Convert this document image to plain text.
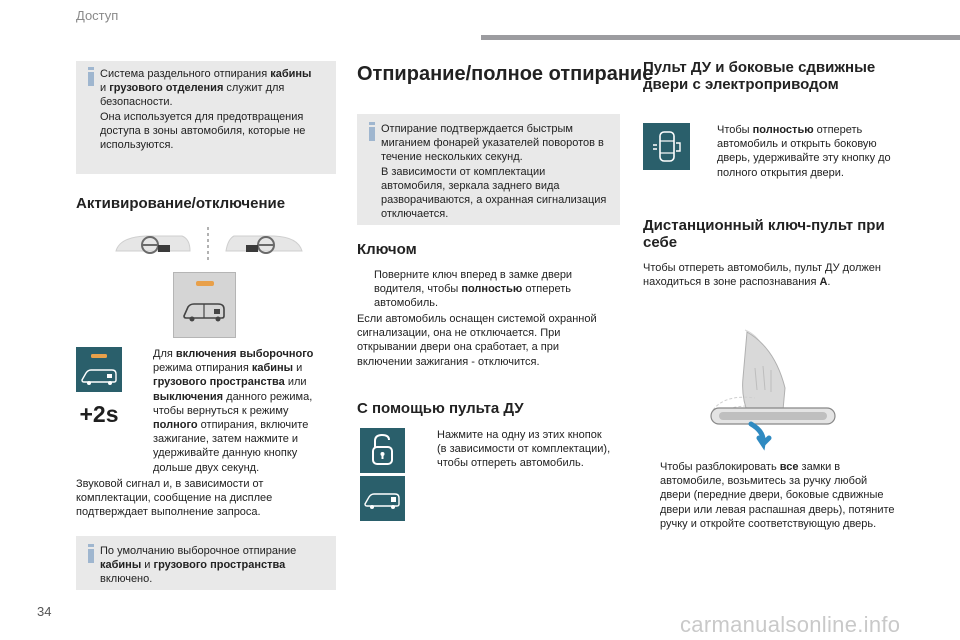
Доступ
Система раздельного отпирания кабины
и грузового отделения служит для
безопасности.
Она используется для предотвращения
доступа в зоны автомобиля, которые не
используются.
Активирование/отключение
+2s
Для включения выборочного
режима отпирания кабины и
грузового пространства или
выключения данного режима,
чтобы вернуться к режиму
полного отпирания, включите
зажигание, затем нажмите и
удерживайте данную кнопку
дольше двух секунд.
Звуковой сигнал и, в зависимости от
комплектации, сообщение на дисплее
подтверждает выполнение запроса.
По умолчанию выборочное отпирание
кабины и грузового пространства
включено.
Отпирание/полное отпирание
Отпирание подтверждается быстрым
миганием фонарей указателей поворотов в
течение нескольких секунд.
В зависимости от комплектации
автомобиля, зеркала заднего вида
разворачиваются, а охранная сигнализация
отключается.
Ключом
Поверните ключ вперед в замке двери
водителя, чтобы полностью отпереть
автомобиль.
Если автомобиль оснащен системой охранной
сигнализации, она не отключается. При
открывании двери она сработает, а при
включении зажигания - отключится.
С помощью пульта ДУ
Нажмите на одну из этих кнопок
(в зависимости от комплектации),
чтобы отпереть автомобиль.
Пульт ДУ и боковые сдвижные
двери с электроприводом
Чтобы полностью отпереть
автомобиль и открыть боковую
дверь, удерживайте эту кнопку до
полного открытия двери.
Дистанционный ключ-пульт при
себе
Чтобы отпереть автомобиль, пульт ДУ должен
находиться в зоне распознавания A.
Чтобы разблокировать все замки в
автомобиле, возьмитесь за ручку любой
двери (передние двери, боковые сдвижные
двери или левая распашная дверь), потяните
ручку и откройте соответствующую дверь.
34
carmanualsonline.info
